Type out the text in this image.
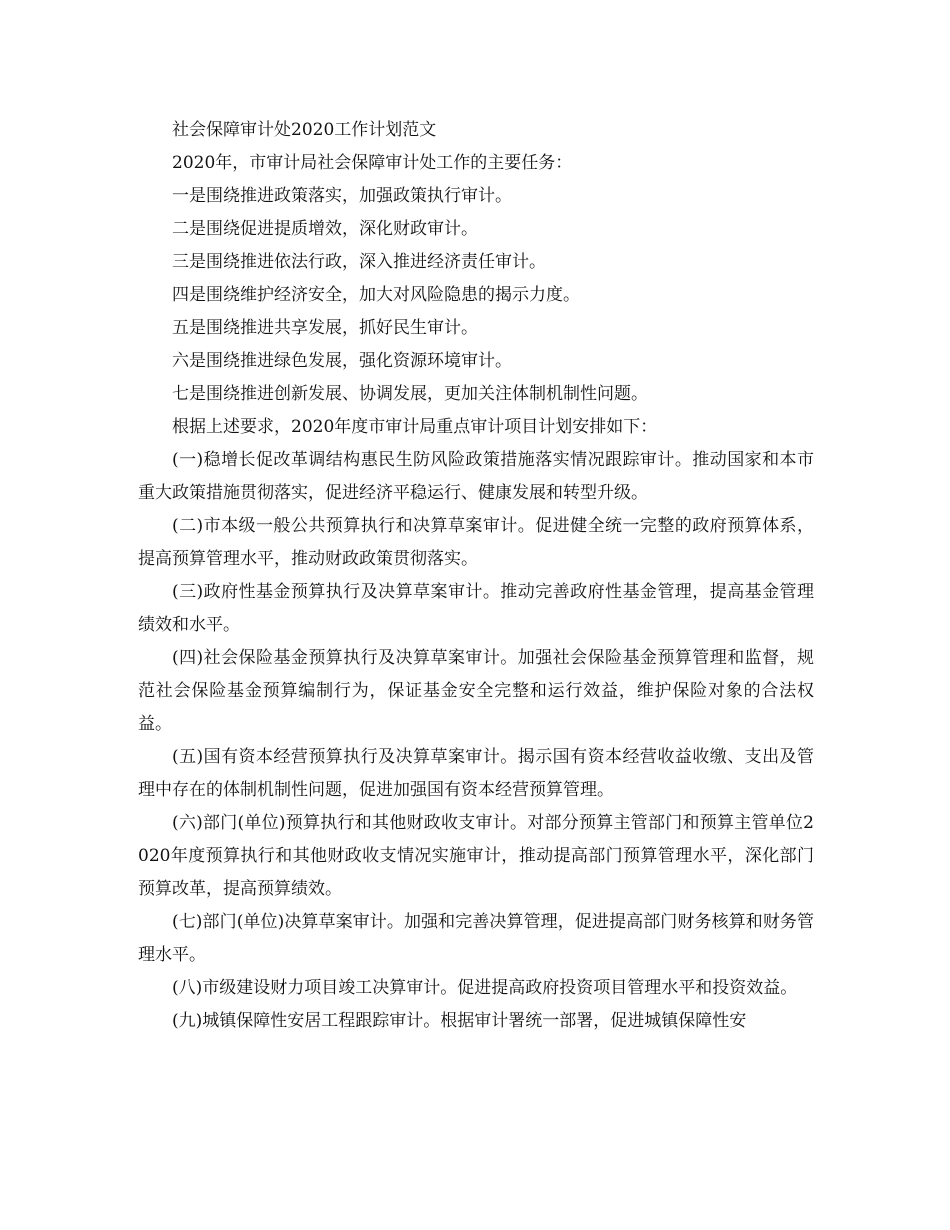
社会保障审计处2020工作计划范文

2020年，市审计局社会保障审计处工作的主要任务：

一是围绕推进政策落实，加强政策执行审计。

二是围绕促进提质增效，深化财政审计。

三是围绕推进依法行政，深入推进经济责任审计。

四是围绕维护经济安全，加大对风险隐患的揭示力度。

五是围绕推进共享发展，抓好民生审计。

六是围绕推进绿色发展，强化资源环境审计。

七是围绕推进创新发展、协调发展，更加关注体制机制性问题。

根据上述要求，2020年度市审计局重点审计项目计划安排如下：

(一)稳增长促改革调结构惠民生防风险政策措施落实情况跟踪审计。推动国家和本市重大政策措施贯彻落实，促进经济平稳运行、健康发展和转型升级。

(二)市本级一般公共预算执行和决算草案审计。促进健全统一完整的政府预算体系，提高预算管理水平，推动财政政策贯彻落实。

(三)政府性基金预算执行及决算草案审计。推动完善政府性基金管理，提高基金管理绩效和水平。

(四)社会保险基金预算执行及决算草案审计。加强社会保险基金预算管理和监督，规范社会保险基金预算编制行为，保证基金安全完整和运行效益，维护保险对象的合法权益。

(五)国有资本经营预算执行及决算草案审计。揭示国有资本经营收益收缴、支出及管理中存在的体制机制性问题，促进加强国有资本经营预算管理。

(六)部门(单位)预算执行和其他财政收支审计。对部分预算主管部门和预算主管单位2020年度预算执行和其他财政收支情况实施审计，推动提高部门预算管理水平，深化部门预算改革，提高预算绩效。

(七)部门(单位)决算草案审计。加强和完善决算管理，促进提高部门财务核算和财务管理水平。

(八)市级建设财力项目竣工决算审计。促进提高政府投资项目管理水平和投资效益。

(九)城镇保障性安居工程跟踪审计。根据审计署统一部署，促进城镇保障性安
